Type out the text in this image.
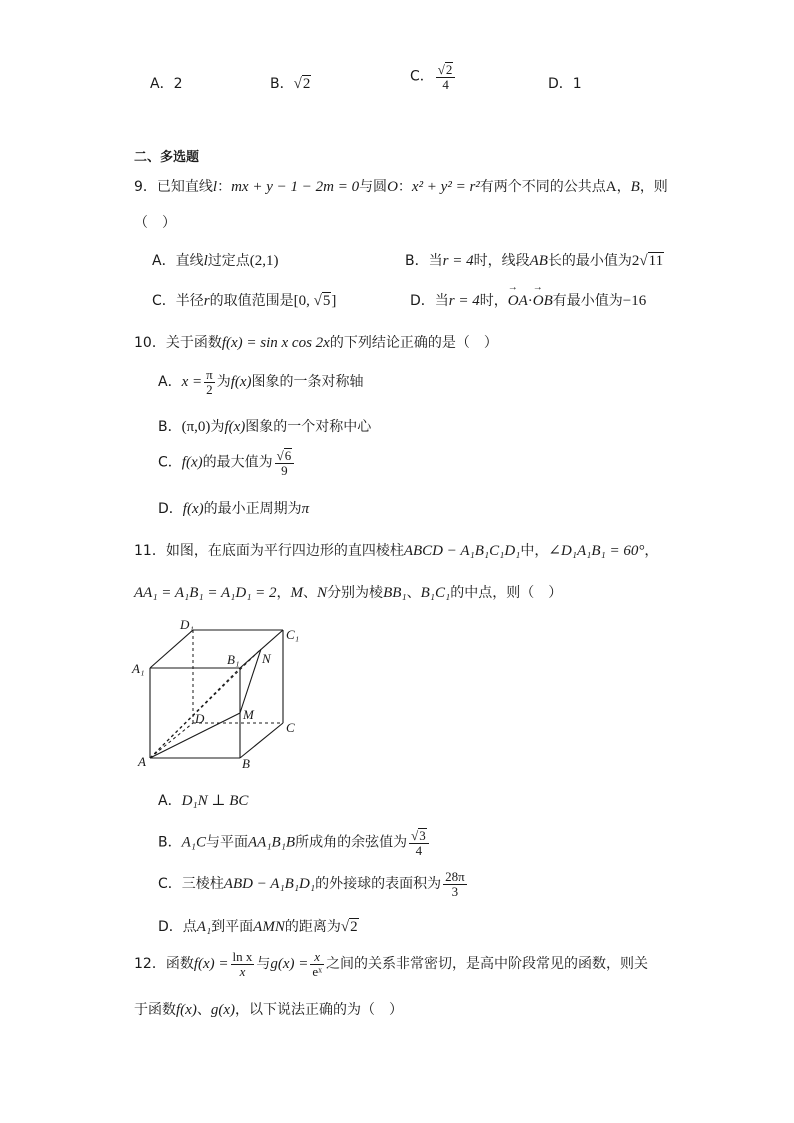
A．2	B．√2	C． $\frac{√2}{4}$	D．1
二、多选题
9．已知直线l：mx + y − 1 − 2m = 0与圆O：x² + y² = r²有两个不同的公共点A，B，则
（　）
A．直线l过定点(2,1)	B．当r = 4时，线段AB长的最小值为2√11
C．半径r的取值范围是[0, √5]	D．当r = 4时，→ OA·→ OB有最小值为−16
10．关于函数f(x) = sin x cos 2x的下列结论正确的是（　）
A．$x = \frac{\pi}{2}$ 为f(x)图象的一条对称轴
B．(π,0)为f(x)图象的一个对称中心
C．f(x)的最大值为 $\frac{√6}{9}$
D．f(x)的最小正周期为π
11．如图，在底面为平行四边形的直四棱柱ABCD − A₁B₁C₁D₁中，∠D₁A₁B₁ = 60°，
AA₁ = A₁B₁ = A₁D₁ = 2，M、N分别为棱BB₁、B₁C₁的中点，则（　）
D₁
C₁
A₁
B₁ N
M
D
C
A	B
A．D₁N ⊥ BC
B．A₁C与平面AA₁B₁B所成角的余弦值为 $\frac{√3}{4}$
C．三棱柱ABD − A₁B₁D₁的外接球的表面积为 $\frac{28\pi}{3}$
D．点A₁到平面AMN的距离为√2
12．函数$f(x) = \frac{\text{ln x}}{x}$ 与$g(x) = \frac{x}{\text{eˣ}}$ 之间的关系非常密切，是高中阶段常见的函数，则关
于函数f(x)、g(x)，以下说法正确的为（　）
